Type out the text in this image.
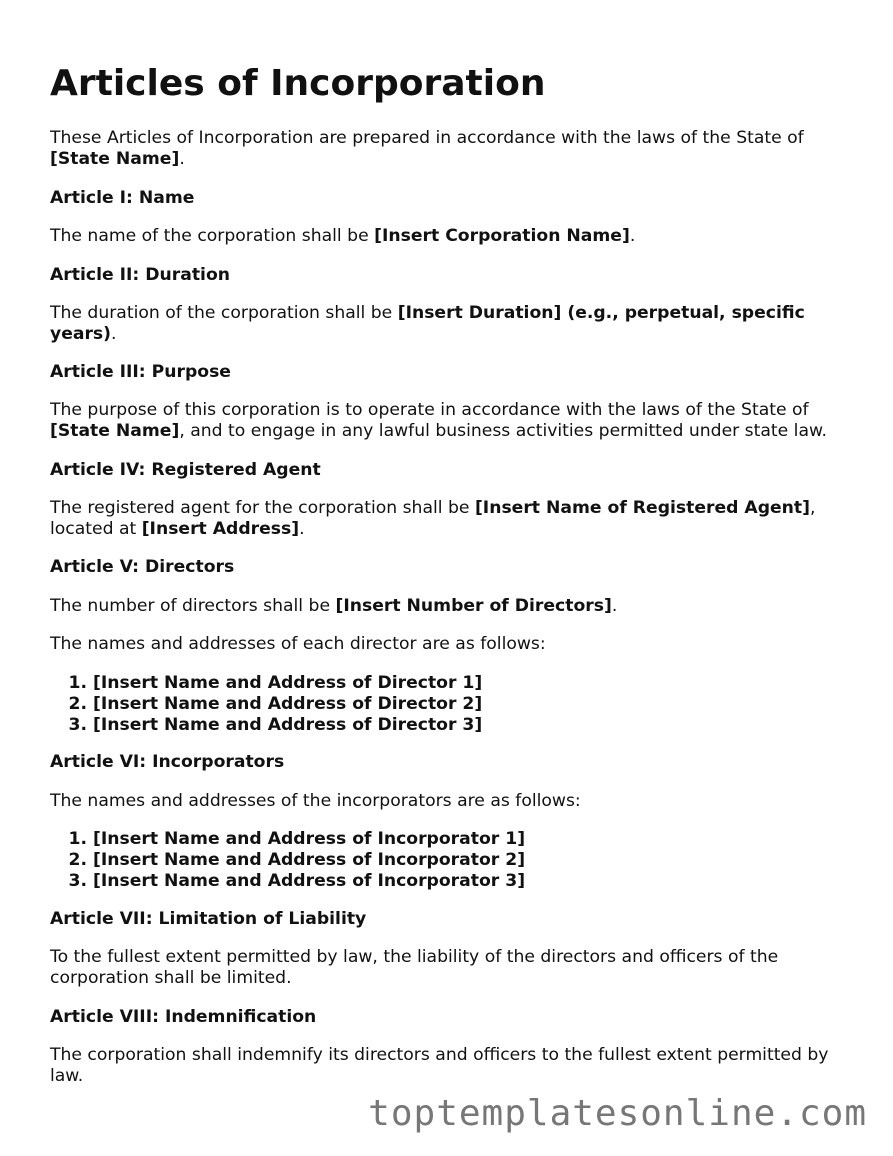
Articles of Incorporation
These Articles of Incorporation are prepared in accordance with the laws of the State of [State Name].
Article I: Name
The name of the corporation shall be [Insert Corporation Name].
Article II: Duration
The duration of the corporation shall be [Insert Duration] (e.g., perpetual, specific years).
Article III: Purpose
The purpose of this corporation is to operate in accordance with the laws of the State of [State Name], and to engage in any lawful business activities permitted under state law.
Article IV: Registered Agent
The registered agent for the corporation shall be [Insert Name of Registered Agent], located at [Insert Address].
Article V: Directors
The number of directors shall be [Insert Number of Directors].
The names and addresses of each director are as follows:
1. [Insert Name and Address of Director 1]
2. [Insert Name and Address of Director 2]
3. [Insert Name and Address of Director 3]
Article VI: Incorporators
The names and addresses of the incorporators are as follows:
1. [Insert Name and Address of Incorporator 1]
2. [Insert Name and Address of Incorporator 2]
3. [Insert Name and Address of Incorporator 3]
Article VII: Limitation of Liability
To the fullest extent permitted by law, the liability of the directors and officers of the corporation shall be limited.
Article VIII: Indemnification
The corporation shall indemnify its directors and officers to the fullest extent permitted by law.
toptemplatesonline.com
